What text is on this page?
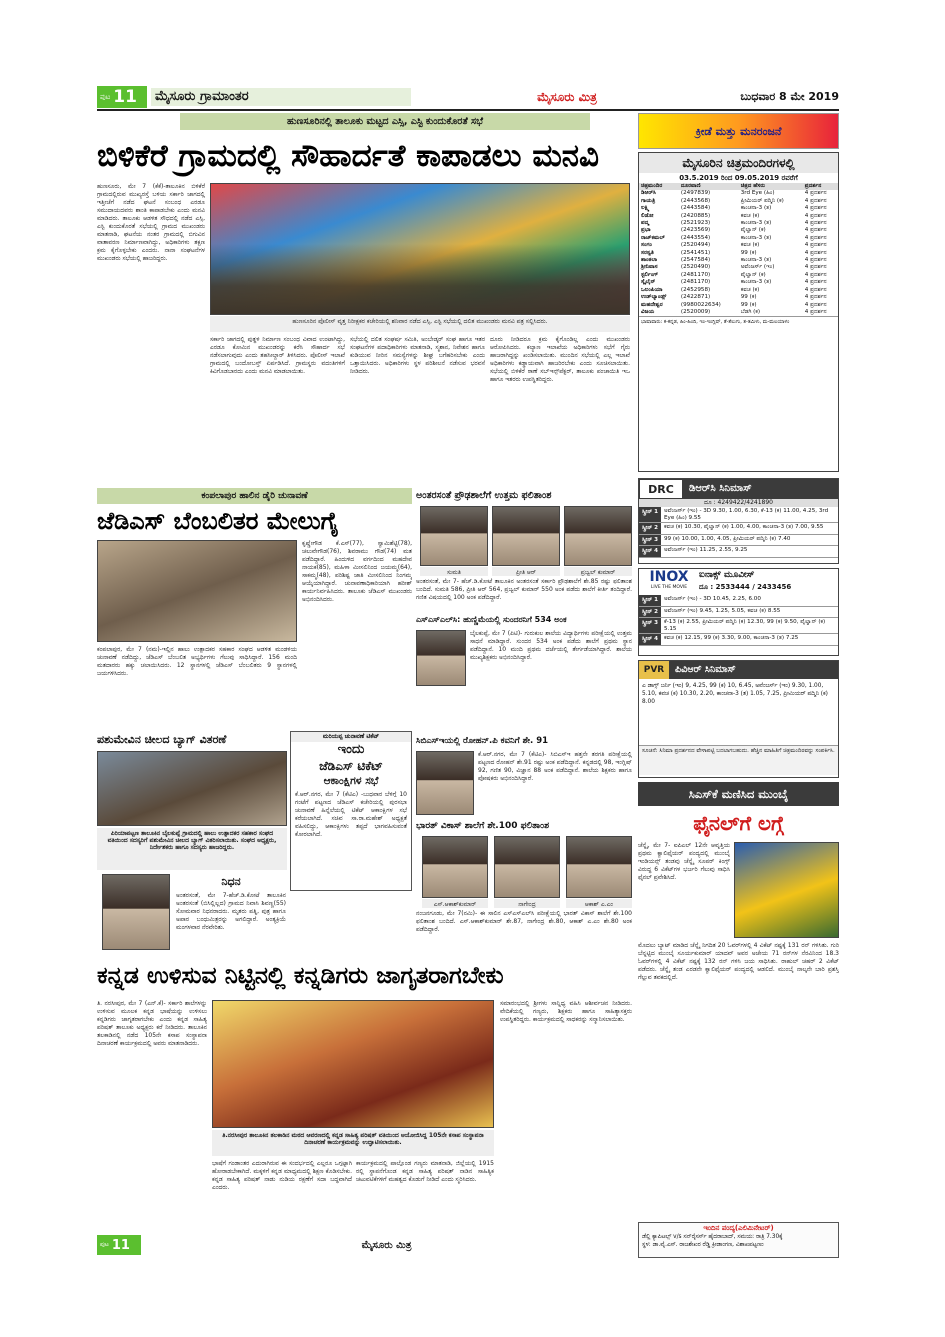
ಪುಟ 11	ಮೈಸೂರು ಗ್ರಾಮಾಂತರ	ಮೈಸೂರು ಮಿತ್ರ	ಬುಧವಾರ 8 ಮೇ 2019
ಹುಣಸೂರಿನಲ್ಲಿ ತಾಲೂಕು ಮಟ್ಟದ ಎಸ್ಸಿ, ಎಸ್ಟಿ ಕುಂದುಕೊರತೆ ಸಭೆ
ಬಿಳಿಕೆರೆ ಗ್ರಾಮದಲ್ಲಿ ಸೌಹಾರ್ದತೆ ಕಾಪಾಡಲು ಮನವಿ

ಹುಣಸೂರು, ಮೇ 7 (ಕೆಕೆ)-ತಾಲೂಕಿನ ಬಿಳಿಕೆರೆ ಗ್ರಾಮದಲ್ಲಿರುವ ಮುಖ್ಯರಸ್ತೆ ಬಳಿಯ ಸರ್ಕಾರಿ ಜಾಗದಲ್ಲಿ ಇತ್ತೀಚೆಗೆ ನಡೆದ ಘಟನೆ ಸಂಬಂಧ ಎರಡೂ ಸಮುದಾಯದವರು ಶಾಂತಿ ಕಾಪಾಡಬೇಕು ಎಂದು ಮನವಿ ಮಾಡಿದರು. ತಾಲೂಕು ಆಡಳಿತ ಸೌಧದಲ್ಲಿ ನಡೆದ ಎಸ್ಸಿ, ಎಸ್ಟಿ ಕುಂದುಕೊರತೆ ಸಭೆಯಲ್ಲಿ ಗ್ರಾಮದ ಮುಖಂಡರು ಮಾತನಾಡಿ, ಘಟನೆಯ ನಂತರ ಗ್ರಾಮದಲ್ಲಿ ಬಿಗುವಿನ ವಾತಾವರಣ ನಿರ್ಮಾಣವಾಗಿದ್ದು, ಅಧಿಕಾರಿಗಳು ತಕ್ಷಣ ಕ್ರಮ ಕೈಗೊಳ್ಳಬೇಕು ಎಂದರು. ನಾನಾ ಸಂಘಟನೆಗಳ ಮುಖಂಡರು ಸಭೆಯಲ್ಲಿ ಹಾಜರಿದ್ದರು.

ಹುಣಸೂರಿನ ಪೊಲೀಸ್ ವೃತ್ತ ನಿರೀಕ್ಷಕರ ಕಚೇರಿಯಲ್ಲಿ ಶನಿವಾರ ನಡೆದ ಎಸ್ಸಿ, ಎಸ್ಟಿ ಸಭೆಯಲ್ಲಿ ದಲಿತ ಮುಖಂಡರು ಮನವಿ ಪತ್ರ ಸಲ್ಲಿಸಿದರು.

ಸರ್ಕಾರಿ ಜಾಗದಲ್ಲಿ ಪುತ್ಥಳಿ ನಿರ್ಮಾಣ ಸಂಬಂಧ ವಿವಾದ ಉಂಟಾಗಿದ್ದು, ಎರಡೂ ಕೋಮಿನ ಮುಖಂಡರನ್ನು ಕರೆಸಿ ಸೌಹಾರ್ದ ಸಭೆ ನಡೆಸಲಾಗುವುದು ಎಂದು ತಹಸೀಲ್ದಾರ್ ತಿಳಿಸಿದರು. ಪೊಲೀಸ್ ಇಲಾಖೆ ಗ್ರಾಮದಲ್ಲಿ ಬಂದೋಬಸ್ತ್ ಏರ್ಪಡಿಸಿದೆ. ಗ್ರಾಮಸ್ಥರು ವದಂತಿಗಳಿಗೆ ಕಿವಿಗೊಡಬಾರದು ಎಂದು ಮನವಿ ಮಾಡಲಾಯಿತು.

ಸಭೆಯಲ್ಲಿ ದಲಿತ ಸಂಘರ್ಷ ಸಮಿತಿ, ಅಂಬೇಡ್ಕರ್ ಸಂಘ ಹಾಗೂ ಇತರ ಸಂಘಟನೆಗಳ ಪದಾಧಿಕಾರಿಗಳು ಮಾತನಾಡಿ, ಸ್ಮಶಾನ, ನಿವೇಶನ ಹಾಗೂ ಕುಡಿಯುವ ನೀರಿನ ಸಮಸ್ಯೆಗಳನ್ನು ಶೀಘ್ರ ಬಗೆಹರಿಸಬೇಕು ಎಂದು ಒತ್ತಾಯಿಸಿದರು. ಅಧಿಕಾರಿಗಳು ಸ್ಥಳ ಪರಿಶೀಲನೆ ನಡೆಸುವ ಭರವಸೆ ನೀಡಿದರು.

ದೂರು ನೀಡಿದರೂ ಕ್ರಮ ಕೈಗೊಂಡಿಲ್ಲ ಎಂದು ಮುಖಂಡರು ಆರೋಪಿಸಿದರು. ಕಲ್ಯಾಣ ಇಲಾಖೆಯ ಅಧಿಕಾರಿಗಳು ಸಭೆಗೆ ಗೈರು ಹಾಜರಾಗಿದ್ದನ್ನು ಖಂಡಿಸಲಾಯಿತು. ಮುಂದಿನ ಸಭೆಯಲ್ಲಿ ಎಲ್ಲ ಇಲಾಖೆ ಅಧಿಕಾರಿಗಳು ಕಡ್ಡಾಯವಾಗಿ ಹಾಜರಿರಬೇಕು ಎಂದು ಸೂಚಿಸಲಾಯಿತು. ಸಭೆಯಲ್ಲಿ ಬಿಳಿಕೆರೆ ಠಾಣೆ ಸಬ್‌ಇನ್ಸ್‌ಪೆಕ್ಟರ್, ತಾಲೂಕು ಪಂಚಾಯಿತಿ ಇಒ ಹಾಗೂ ಇತರರು ಉಪಸ್ಥಿತರಿದ್ದರು.

ಕ್ರೀಡೆ ಮತ್ತು ಮನರಂಜನೆ
ಮೈಸೂರಿನ ಚಿತ್ರಮಂದಿರಗಳಲ್ಲಿ
03.5.2019 ರಿಂದ 09.05.2019 ರವರೆಗೆ
ಚಿತ್ರಮಂದಿರ	ದೂರವಾಣಿ	ಚಿತ್ರದ ಹೆಸರು	ಪ್ರದರ್ಶನ
ಡಿಆರ್‌ಸಿ	(2497839)	3rd Eye (ಹಿಂ)	4 ಪ್ರದರ್ಶನ
ಗಾಯತ್ರಿ	(2443568)	ಪ್ರೀಮಿಯರ್ ಪದ್ಮಿನಿ (ಕ)	4 ಪ್ರದರ್ಶನ
ಲಕ್ಷ್ಮಿ	(2443584)	ಕಾಂಚನಾ-3 (ತ)	4 ಪ್ರದರ್ಶನ
ಲಿಡೋ	(2420885)	ಕವಚ (ಕ)	4 ಪ್ರದರ್ಶನ
ಪದ್ಮ	(2521923)	ಕಾಂಚನಾ-3 (ತ)	4 ಪ್ರದರ್ಶನ
ಪ್ರಭಾ	(2423569)	ಪೈಲ್ವಾನ್ (ಕ)	4 ಪ್ರದರ್ಶನ
ರಾಜ್‌ಕಮಲ್	(2443554)	ಕಾಂಚನಾ-3 (ತ)	4 ಪ್ರದರ್ಶನ
ಸಂಗಂ	(2520494)	ಕವಚ (ಕ)	4 ಪ್ರದರ್ಶನ
ಸರಸ್ವತಿ	(2541451)	99 (ಕ)	4 ಪ್ರದರ್ಶನ
ಶಾಂತಲಾ	(2547584)	ಕಾಂಚನಾ-3 (ತ)	4 ಪ್ರದರ್ಶನ
ಶ್ರೀನಿವಾಸ	(2520490)	ಅವೆಂಜರ್ಸ್ (ಇಂ)	4 ಪ್ರದರ್ಶನ
ಸ್ಟರ್ಲಿಂಗ್	(2481170)	ಪೈಲ್ವಾನ್ (ಕ)	4 ಪ್ರದರ್ಶನ
ಸ್ಕೈಲೈನ್	(2481170)	ಕಾಂಚನಾ-3 (ತ)	4 ಪ್ರದರ್ಶನ
ಒಲಂಪಿಯಾ	(2452958)	ಕವಚ (ಕ)	4 ಪ್ರದರ್ಶನ
ಉಡ್‌ಲ್ಯಾಂಡ್ಸ್	(2422871)	99 (ಕ)	4 ಪ್ರದರ್ಶನ
ಮಹದೇಶ್ವರ	(9980022634)	99 (ಕ)	4 ಪ್ರದರ್ಶನ
ವಿಜಯ	(2520009)	ಬೆಡಗಿ (ಕ)	4 ಪ್ರದರ್ಶನ
ಭಾಷಾವಾರು: ಕ-ಕನ್ನಡ, ಹಿಂ-ಹಿಂದಿ, ಇಂ-ಇಂಗ್ಲಿಷ್, ತೆ-ತೆಲುಗು, ತ-ತಮಿಳು, ಮ-ಮಲಯಾಳಂ
DRC	ಡಿಆರ್‌ಸಿ ಸಿನಿಮಾಸ್
ದೂ : 4249422/4241890
ಸ್ಕ್ರೀನ್ 1	ಅವೆಂಜರ್ಸ್ (ಇಂ) - 3D 9.30, 1.00, 6.30, ಕೆ-13 (ಕ) 11.00, 4.25, 3rd Eye (ಹಿಂ) 9.55
ಸ್ಕ್ರೀನ್ 2	ಕವಚ (ಕ) 10.30, ಪೈಲ್ವಾನ್ (ಕ) 1.00, 4.00, ಕಾಂಚನಾ-3 (ತ) 7.00, 9.55
ಸ್ಕ್ರೀನ್ 3	99 (ಕ) 10.00, 1.00, 4.05, ಪ್ರೀಮಿಯರ್ ಪದ್ಮಿನಿ (ಕ) 7.40
ಸ್ಕ್ರೀನ್ 4	ಅವೆಂಜರ್ಸ್ (ಇಂ) 11.25, 2.55, 9.25
INOX
LIVE THE MOVIE
ಐನಾಕ್ಸ್ ಮೂವೀಸ್
ದೂ : 2533444 / 2433456
ಸ್ಕ್ರೀನ್ 1	ಅವೆಂಜರ್ಸ್ (ಇಂ) - 3D 10.45, 2.25, 6.00
ಸ್ಕ್ರೀನ್ 2	ಅವೆಂಜರ್ಸ್ (ಇಂ) 9.45, 1.25, 5.05, ಕವಚ (ಕ) 8.55
ಸ್ಕ್ರೀನ್ 3	ಕೆ-13 (ಕ) 2.55, ಪ್ರೀಮಿಯರ್ ಪದ್ಮಿನಿ (ಕ) 12.30, 99 (ಕ) 9.50, ಪೈಲ್ವಾನ್ (ಕ) 5.15
ಸ್ಕ್ರೀನ್ 4	ಕವಚ (ಕ) 12.15, 99 (ಕ) 3.30, 9.00, ಕಾಂಚನಾ-3 (ತ) 7.25
PVR	ಪಿವಿಆರ್ ಸಿನಿಮಾಸ್
ಎ ಡಾಗ್ಸ್ ಜರ್ನಿ (ಇಂ) 9, 4.25, 99 (ಕ) 10, 6.45, ಅವೆಂಜರ್ಸ್ (ಇಂ) 9.30, 1.00, 5.10, ಕವಚ (ಕ) 10.30, 2.20, ಕಾಂಚನಾ-3 (ತ) 1.05, 7.25, ಪ್ರೀಮಿಯರ್ ಪದ್ಮಿನಿ (ಕ) 8.00
ಸೂಚನೆ: ಸಿನಿಮಾ ಪ್ರದರ್ಶನದ ವೇಳಾಪಟ್ಟಿ ಬದಲಾಗಬಹುದು. ಹೆಚ್ಚಿನ ಮಾಹಿತಿಗೆ ಚಿತ್ರಮಂದಿರವನ್ನು ಸಂಪರ್ಕಿಸಿ.
ಕಂಪಲಾಪುರ ಹಾಲಿನ ಡೈರಿ ಚುನಾವಣೆ
ಜೆಡಿಎಸ್ ಬೆಂಬಲಿತರ ಮೇಲುಗೈ

ಕೃಷ್ಣೇಗೌಡ ಕೆ.ಎಸ್(77), ಸ್ವಾಮಿಶೆಟ್ಟಿ(78), ಚಲುವೇಗೌಡ(76), ಶಿವರಾಮು ಗೌಡ(74) ಮತ ಪಡೆದಿದ್ದಾರೆ. ಹಿಂದುಳಿದ ವರ್ಗದಿಂದ ಮಹದೇವ ನಾಯಕ(85), ಮಹಿಳಾ ಮೀಸಲಿನಿಂದ ಜಯಮ್ಮ(64), ಸಾಕಮ್ಮ(48), ಪರಿಶಿಷ್ಟ ಜಾತಿ ಮೀಸಲಿನಿಂದ ನಿಂಗಮ್ಮ ಆಯ್ಕೆಯಾಗಿದ್ದಾರೆ. ಚುನಾವಣಾಧಿಕಾರಿಯಾಗಿ ಹರೀಶ್ ಕಾರ್ಯನಿರ್ವಹಿಸಿದರು. ತಾಲೂಕು ಜೆಡಿಎಸ್ ಮುಖಂಡರು ಅಭಿನಂದಿಸಿದರು.

ಕಂಪಲಾಪುರ, ಮೇ 7 (ನಮ)-ಇಲ್ಲಿನ ಹಾಲು ಉತ್ಪಾದಕರ ಸಹಕಾರ ಸಂಘದ ಆಡಳಿತ ಮಂಡಳಿಯ ಚುನಾವಣೆ ನಡೆದಿದ್ದು, ಜೆಡಿಎಸ್ ಬೆಂಬಲಿತ ಅಭ್ಯರ್ಥಿಗಳು ಗೆಲುವು ಸಾಧಿಸಿದ್ದಾರೆ. 156 ಮಂದಿ ಮತದಾರರು ಹಕ್ಕು ಚಲಾಯಿಸಿದರು. 12 ಸ್ಥಾನಗಳಲ್ಲಿ ಜೆಡಿಎಸ್ ಬೆಂಬಲಿತರು 9 ಸ್ಥಾನಗಳಲ್ಲಿ ಜಯಗಳಿಸಿದರು.

ಪಶುಮೇವಿನ ಚೀಲದ ಬ್ಯಾಗ್ ವಿತರಣೆ
ಪಿರಿಯಾಪಟ್ಟಣ ತಾಲೂಕಿನ ಬೈಲಕುಪ್ಪೆ ಗ್ರಾಮದಲ್ಲಿ ಹಾಲು ಉತ್ಪಾದಕರ ಸಹಕಾರ ಸಂಘದ ವತಿಯಿಂದ ಸದಸ್ಯರಿಗೆ ಪಶುಮೇವಿನ ಚೀಲದ ಬ್ಯಾಗ್ ವಿತರಿಸಲಾಯಿತು. ಸಂಘದ ಅಧ್ಯಕ್ಷರು, ನಿರ್ದೇಶಕರು ಹಾಗೂ ಸದಸ್ಯರು ಹಾಜರಿದ್ದರು.
ಮರಿಯಪ್ಪ ಚುನಾವಣೆ ಟಿಕೆಟ್
ಇಂದು
ಜೆಡಿಎಸ್ ಟಿಕೆಟ್
ಆಕಾಂಕ್ಷಿಗಳ ಸಭೆ

ಕೆ.ಆರ್.ನಗರ, ಮೇ 7 (ಕೆಟಿಎ) -ಬುಧವಾರ ಬೆಳಿಗ್ಗೆ 10 ಗಂಟೆಗೆ ಪಟ್ಟಣದ ಜೆಡಿಎಸ್ ಕಚೇರಿಯಲ್ಲಿ ಪುರಸಭಾ ಚುನಾವಣೆ ಹಿನ್ನೆಲೆಯಲ್ಲಿ ಟಿಕೆಟ್ ಆಕಾಂಕ್ಷಿಗಳ ಸಭೆ ಕರೆಯಲಾಗಿದೆ. ಸಚಿವ ಸಾ.ರಾ.ಮಹೇಶ್ ಅಧ್ಯಕ್ಷತೆ ವಹಿಸಲಿದ್ದು, ಆಕಾಂಕ್ಷಿಗಳು ತಪ್ಪದೆ ಭಾಗವಹಿಸುವಂತೆ ಕೋರಲಾಗಿದೆ.

ಅಂತರಸಂತೆ ಪ್ರೌಢಶಾಲೆಗೆ ಉತ್ತಮ ಫಲಿತಾಂಶ
ಸುಮತಿ	ಪ್ರೀತಿ ಆರ್	ಪ್ರಜ್ವಲ್ ಕುಮಾರ್

ಅಂತರಸಂತೆ, ಮೇ 7- ಹೆಚ್.ಡಿ.ಕೋಟೆ ತಾಲೂಕಿನ ಅಂತರಸಂತೆ ಸರ್ಕಾರಿ ಪ್ರೌಢಶಾಲೆಗೆ ಶೇ.85 ರಷ್ಟು ಫಲಿತಾಂಶ ಬಂದಿದೆ. ಸುಮತಿ 586, ಪ್ರೀತಿ ಆರ್ 564, ಪ್ರಜ್ವಲ್ ಕುಮಾರ್ 550 ಅಂಕ ಪಡೆದು ಶಾಲೆಗೆ ಕೀರ್ತಿ ತಂದಿದ್ದಾರೆ. ಗಣಿತ ವಿಷಯದಲ್ಲಿ 100 ಅಂಕ ಪಡೆದಿದ್ದಾರೆ.

ಎಸ್‌ಎಸ್‌ಎಲ್‌ಸಿ: ಹುಣ್ಣಿಮೆಯಲ್ಲಿ ಸುಂದರನಿಗೆ 534 ಅಂಕ

ಬೈಲಕುಪ್ಪೆ, ಮೇ 7 (ಪಿಟಿ)- ಗುರುಕುಲ ಶಾಲೆಯ ವಿದ್ಯಾರ್ಥಿಗಳು ಪರೀಕ್ಷೆಯಲ್ಲಿ ಉತ್ತಮ ಸಾಧನೆ ಮಾಡಿದ್ದಾರೆ. ಸುಂದರ 534 ಅಂಕ ಪಡೆದು ಶಾಲೆಗೆ ಪ್ರಥಮ ಸ್ಥಾನ ಪಡೆದಿದ್ದಾನೆ. 10 ಮಂದಿ ಪ್ರಥಮ ದರ್ಜೆಯಲ್ಲಿ ತೇರ್ಗಡೆಯಾಗಿದ್ದಾರೆ. ಶಾಲೆಯ ಮುಖ್ಯಶಿಕ್ಷಕರು ಅಭಿನಂದಿಸಿದ್ದಾರೆ.

ಸಿಬಿಎಸ್‌ಇಯಲ್ಲಿ ರೋಹನ್.ಪಿ ಕವನಿಗೆ ಶೇ. 91

ಕೆ.ಆರ್.ನಗರ, ಮೇ 7 (ಕೆಟಿಎ)- ಸಿಬಿಎಸ್‌ಇ ಹತ್ತನೇ ತರಗತಿ ಪರೀಕ್ಷೆಯಲ್ಲಿ ಪಟ್ಟಣದ ರೋಹನ್ ಶೇ.91 ರಷ್ಟು ಅಂಕ ಪಡೆದಿದ್ದಾನೆ. ಕನ್ನಡದಲ್ಲಿ 98, ಇಂಗ್ಲಿಷ್ 92, ಗಣಿತ 90, ವಿಜ್ಞಾನ 88 ಅಂಕ ಪಡೆದಿದ್ದಾನೆ. ಶಾಲೆಯ ಶಿಕ್ಷಕರು ಹಾಗೂ ಪೋಷಕರು ಅಭಿನಂದಿಸಿದ್ದಾರೆ.

ಭಾರತ್ ವಿಕಾಸ್ ಶಾಲೆಗೆ ಶೇ.100 ಫಲಿತಾಂಶ
ಎಸ್.ಆಕಾಶ್‌ಕುಮಾರ್	ನಾಗೇಂದ್ರ	ಆಕಾಶ್ ಎ.ಎಂ

ನಂಜನಗೂಡು, ಮೇ 7(ನಮಿ)- ಈ ಸಾಲಿನ ಎಸ್‌ಎಸ್‌ಎಲ್‌ಸಿ ಪರೀಕ್ಷೆಯಲ್ಲಿ ಭಾರತ್ ವಿಕಾಸ್ ಶಾಲೆಗೆ ಶೇ.100 ಫಲಿತಾಂಶ ಬಂದಿದೆ. ಎಸ್.ಆಕಾಶ್‌ಕುಮಾರ್ ಶೇ.87, ನಾಗೇಂದ್ರ ಶೇ.80, ಆಕಾಶ್ ಎ.ಎಂ ಶೇ.80 ಅಂಕ ಪಡೆದಿದ್ದಾರೆ.

ನಿಧನ

ಅಂತರಸಂತೆ, ಮೇ 7-ಹೆಚ್.ಡಿ.ಕೋಟೆ ತಾಲೂಕಿನ ಅಂತರಸಂತೆ (ಬಿಸಿಲ್ಲಿಲ್ಲದ) ಗ್ರಾಮದ ನಿವಾಸಿ ಶಿವಣ್ಣ(55) ಸೋಮವಾರ ನಿಧನರಾದರು. ಮೃತರು ಪತ್ನಿ, ಪುತ್ರ ಹಾಗೂ ಅಪಾರ ಬಂಧುಮಿತ್ರರನ್ನು ಅಗಲಿದ್ದಾರೆ. ಅಂತ್ಯಕ್ರಿಯೆ ಮಂಗಳವಾರ ನೆರವೇರಿತು.

ಕನ್ನಡ ಉಳಿಸುವ ನಿಟ್ಟಿನಲ್ಲಿ ಕನ್ನಡಿಗರು ಜಾಗೃತರಾಗಬೇಕು

ತಿ. ನರಸೀಪುರ, ಮೇ 7 (ಎನ್.ಕೆ)- ಸರ್ಕಾರಿ ಶಾಲೆಗಳನ್ನು ಉಳಿಸುವ ಮೂಲಕ ಕನ್ನಡ ಭಾಷೆಯನ್ನು ಉಳಿಸಲು ಕನ್ನಡಿಗರು ಜಾಗೃತರಾಗಬೇಕು ಎಂದು ಕನ್ನಡ ಸಾಹಿತ್ಯ ಪರಿಷತ್ ತಾಲೂಕು ಅಧ್ಯಕ್ಷರು ಕರೆ ನೀಡಿದರು. ತಾಲೂಕಿನ ತಲಕಾಡಿನಲ್ಲಿ ನಡೆದ 105ನೇ ಕಸಾಪ ಸಂಸ್ಥಾಪನಾ ದಿನಾಚರಣೆ ಕಾರ್ಯಕ್ರಮದಲ್ಲಿ ಅವರು ಮಾತನಾಡಿದರು.

ತಿ.ನರಸೀಪುರ ತಾಲೂಕಿನ ತಲಕಾಡಿನ ಮಠದ ಆವರಣದಲ್ಲಿ ಕನ್ನಡ ಸಾಹಿತ್ಯ ಪರಿಷತ್ ವತಿಯಿಂದ ಆಯೋಜಿಸಿದ್ದ 105ನೇ ಕಸಾಪ ಸಂಸ್ಥಾಪನಾ ದಿನಾಚರಣೆ ಕಾರ್ಯಕ್ರಮವನ್ನು ಉದ್ಘಾಟಿಸಲಾಯಿತು.

ಭಾಷೆಗೆ ಗಂಡಾಂತರ ಎದುರಾಗಿರುವ ಈ ಸಂದರ್ಭದಲ್ಲಿ ಎಲ್ಲರೂ ಒಗ್ಗಟ್ಟಾಗಿ ಹೋರಾಡಬೇಕಾಗಿದೆ. ಮಕ್ಕಳಿಗೆ ಕನ್ನಡ ಮಾಧ್ಯಮದಲ್ಲಿ ಶಿಕ್ಷಣ ಕೊಡಿಸಬೇಕು. ಕನ್ನಡ ಸಾಹಿತ್ಯ ಪರಿಷತ್ ನಾಡು ನುಡಿಯ ರಕ್ಷಣೆಗೆ ಸದಾ ಬದ್ಧವಾಗಿದೆ ಎಂದರು.

ಕಾರ್ಯಕ್ರಮದಲ್ಲಿ ಪಾಲ್ಗೊಂಡ ಗಣ್ಯರು ಮಾತನಾಡಿ, ಜಿಲ್ಲೆಯಲ್ಲಿ 1915 ರಲ್ಲಿ ಸ್ಥಾಪನೆಗೊಂಡ ಕನ್ನಡ ಸಾಹಿತ್ಯ ಪರಿಷತ್ ನಾಡಿನ ಸಾಹಿತ್ಯಿಕ ಚಟುವಟಿಕೆಗಳಿಗೆ ಮಹತ್ವದ ಕೊಡುಗೆ ನೀಡಿದೆ ಎಂದು ಸ್ಮರಿಸಿದರು.

ಸಮಾರಂಭದಲ್ಲಿ ಶ್ರೀಗಳು ಸಾನ್ನಿಧ್ಯ ವಹಿಸಿ ಆಶೀರ್ವಚನ ನೀಡಿದರು. ವೇದಿಕೆಯಲ್ಲಿ ಗಣ್ಯರು, ಶಿಕ್ಷಕರು ಹಾಗೂ ಸಾಹಿತ್ಯಾಸಕ್ತರು ಉಪಸ್ಥಿತರಿದ್ದರು. ಕಾರ್ಯಕ್ರಮದಲ್ಲಿ ಸಾಧಕರನ್ನು ಸನ್ಮಾನಿಸಲಾಯಿತು.

ಸಿಎಸ್‌ಕೆ ಮಣಿಸಿದ ಮುಂಬೈ
ಫೈನಲ್‌ಗೆ ಲಗ್ಗೆ

ಚೆನ್ನೈ, ಮೇ 7- ಐಪಿಎಲ್ 12ನೇ ಆವೃತ್ತಿಯ ಪ್ರಥಮ ಕ್ವಾಲಿಫೈಯರ್ ಪಂದ್ಯದಲ್ಲಿ ಮುಂಬೈ ಇಂಡಿಯನ್ಸ್ ತಂಡವು ಚೆನ್ನೈ ಸೂಪರ್ ಕಿಂಗ್ಸ್ ವಿರುದ್ಧ 6 ವಿಕೆಟ್‌ಗಳ ಭರ್ಜರಿ ಗೆಲುವು ಸಾಧಿಸಿ ಫೈನಲ್ ಪ್ರವೇಶಿಸಿದೆ.

ಮೊದಲು ಬ್ಯಾಟ್ ಮಾಡಿದ ಚೆನ್ನೈ ನಿಗದಿತ 20 ಓವರ್‌ಗಳಲ್ಲಿ 4 ವಿಕೆಟ್ ನಷ್ಟಕ್ಕೆ 131 ರನ್ ಗಳಿಸಿತು. ಗುರಿ ಬೆನ್ನಟ್ಟಿದ ಮುಂಬೈ ಸೂರ್ಯಕುಮಾರ್ ಯಾದವ್ ಅವರ ಅಜೇಯ 71 ರನ್‌ಗಳ ನೆರವಿನಿಂದ 18.3 ಓವರ್‌ಗಳಲ್ಲಿ 4 ವಿಕೆಟ್ ನಷ್ಟಕ್ಕೆ 132 ರನ್ ಗಳಿಸಿ ಜಯ ಸಾಧಿಸಿತು. ರಾಹುಲ್ ಚಹರ್ 2 ವಿಕೆಟ್ ಪಡೆದರು. ಚೆನ್ನೈ ತಂಡ ಎರಡನೇ ಕ್ವಾಲಿಫೈಯರ್ ಪಂದ್ಯದಲ್ಲಿ ಆಡಲಿದೆ. ಮುಂಬೈ ನಾಲ್ಕನೇ ಬಾರಿ ಪ್ರಶಸ್ತಿ ಗೆಲ್ಲುವ ತವಕದಲ್ಲಿದೆ.

ಇಂದಿನ ಪಂದ್ಯ(ಎಲಿಮಿನೇಟರ್)
ಡೆಲ್ಲಿ ಕ್ಯಾಪಿಟಲ್ಸ್ v/s ಸನ್‌ರೈಸರ್ಸ್ ಹೈದರಾಬಾದ್, ಸಮಯ: ರಾತ್ರಿ 7.30ಕ್ಕೆ
ಸ್ಥಳ: ಡಾ.ವೈ.ಎಸ್. ರಾಜಶೇಖರ ರೆಡ್ಡಿ ಕ್ರೀಡಾಂಗಣ, ವಿಶಾಖಪಟ್ಟಣಂ
ಪುಟ 11	ಮೈಸೂರು ಮಿತ್ರ
